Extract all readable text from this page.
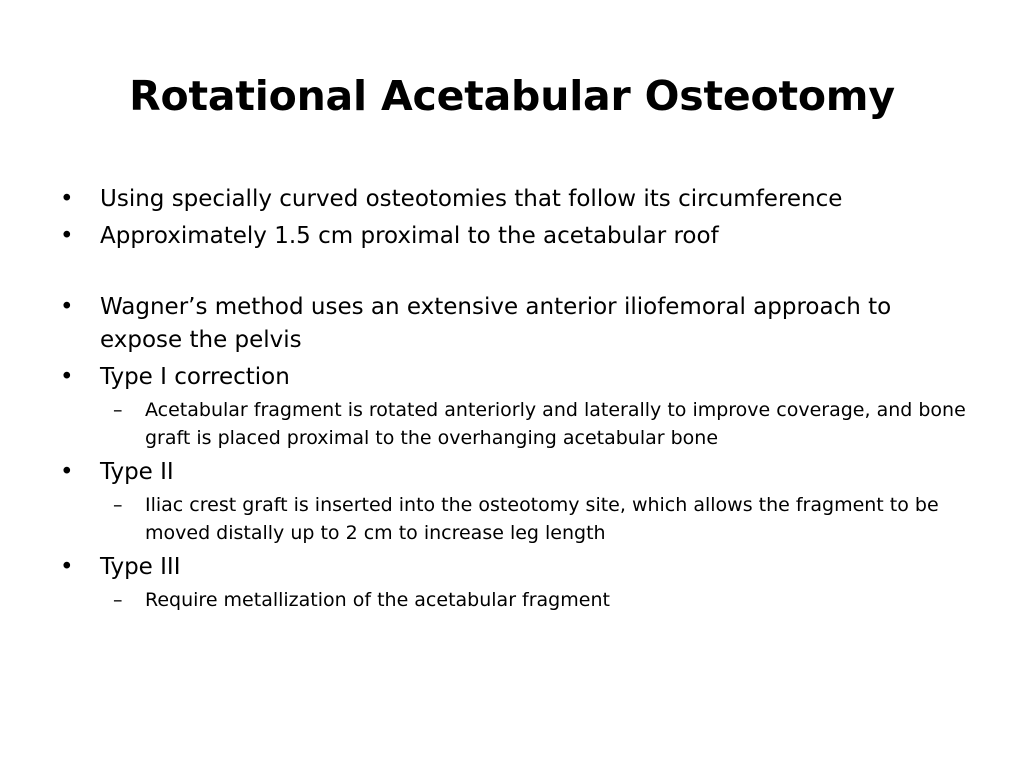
Rotational Acetabular Osteotomy
• Using specially curved osteotomies that follow its circumference
• Approximately 1.5 cm proximal to the acetabular roof
• Wagner’s method uses an extensive anterior iliofemoral approach to expose the pelvis
• Type I correction
–	Acetabular fragment is rotated anteriorly and laterally to improve coverage, and bone graft is placed proximal to the overhanging acetabular bone
• Type II
–	Iliac crest graft is inserted into the osteotomy site, which allows the fragment to be moved distally up to 2 cm to increase leg length
• Type III
–	Require metallization of the acetabular fragment
